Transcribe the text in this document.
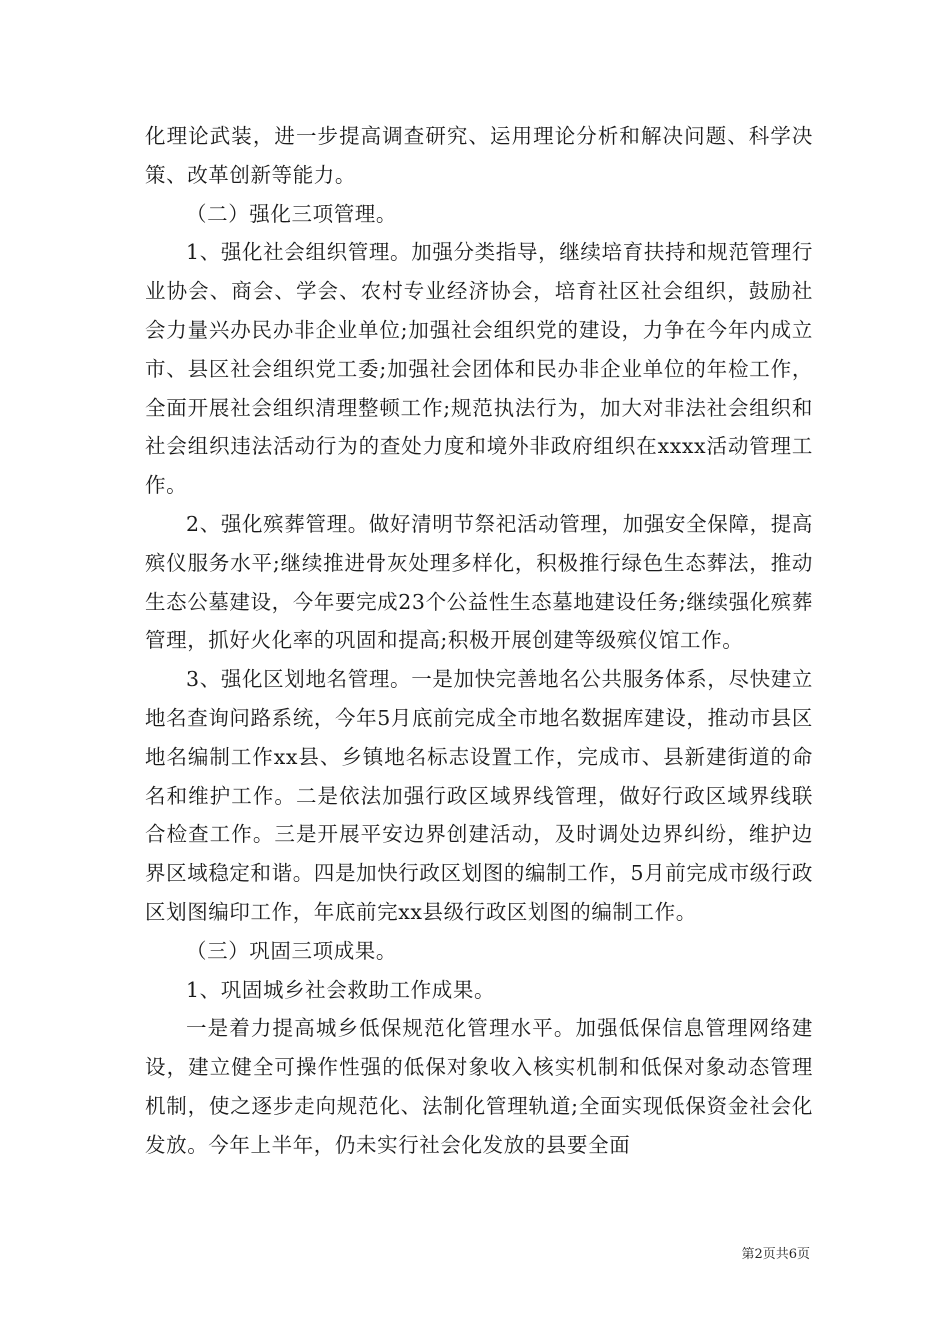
化理论武装，进一步提高调查研究、运用理论分析和解决问题、科学决策、改革创新等能力。

（二）强化三项管理。

1、强化社会组织管理。加强分类指导，继续培育扶持和规范管理行业协会、商会、学会、农村专业经济协会，培育社区社会组织，鼓励社会力量兴办民办非企业单位;加强社会组织党的建设，力争在今年内成立市、县区社会组织党工委;加强社会团体和民办非企业单位的年检工作，全面开展社会组织清理整顿工作;规范执法行为，加大对非法社会组织和社会组织违法活动行为的查处力度和境外非政府组织在xxxx活动管理工作。

2、强化殡葬管理。做好清明节祭祀活动管理，加强安全保障，提高殡仪服务水平;继续推进骨灰处理多样化，积极推行绿色生态葬法，推动生态公墓建设，今年要完成23个公益性生态墓地建设任务;继续强化殡葬管理，抓好火化率的巩固和提高;积极开展创建等级殡仪馆工作。

3、强化区划地名管理。一是加快完善地名公共服务体系，尽快建立地名查询问路系统，今年5月底前完成全市地名数据库建设，推动市县区地名编制工作xx县、乡镇地名标志设置工作，完成市、县新建街道的命名和维护工作。二是依法加强行政区域界线管理，做好行政区域界线联合检查工作。三是开展平安边界创建活动，及时调处边界纠纷，维护边界区域稳定和谐。四是加快行政区划图的编制工作，5月前完成市级行政区划图编印工作，年底前完xx县级行政区划图的编制工作。

（三）巩固三项成果。

1、巩固城乡社会救助工作成果。

一是着力提高城乡低保规范化管理水平。加强低保信息管理网络建设，建立健全可操作性强的低保对象收入核实机制和低保对象动态管理机制，使之逐步走向规范化、法制化管理轨道;全面实现低保资金社会化发放。今年上半年，仍未实行社会化发放的县要全面

第2页共6页
